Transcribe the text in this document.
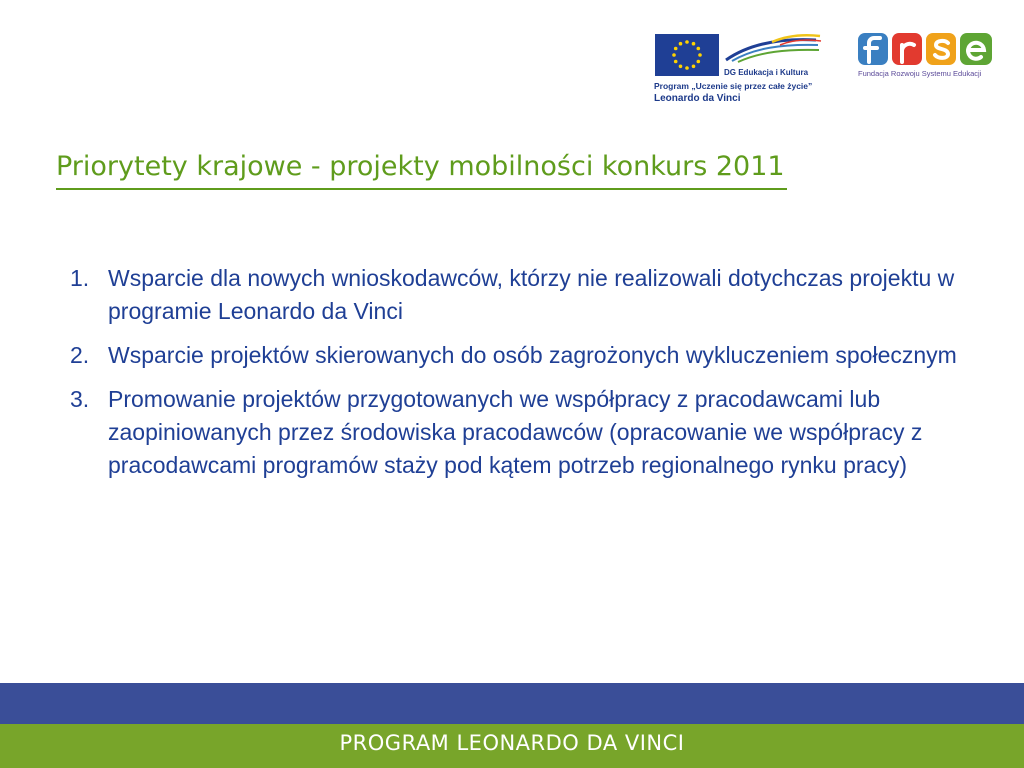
DG Edukacja i Kultura
Program „Uczenie się przez całe życie”
Leonardo da Vinci
Fundacja Rozwoju Systemu Edukacji
Priorytety krajowe - projekty mobilności konkurs 2011
1. Wsparcie dla nowych wnioskodawców, którzy nie realizowali dotychczas projektu w programie Leonardo da Vinci
2. Wsparcie projektów skierowanych do osób zagrożonych wykluczeniem społecznym
3. Promowanie projektów przygotowanych we współpracy z pracodawcami lub zaopiniowanych przez środowiska pracodawców (opracowanie we współpracy z pracodawcami programów staży pod kątem potrzeb regionalnego rynku pracy)
PROGRAM LEONARDO DA VINCI
